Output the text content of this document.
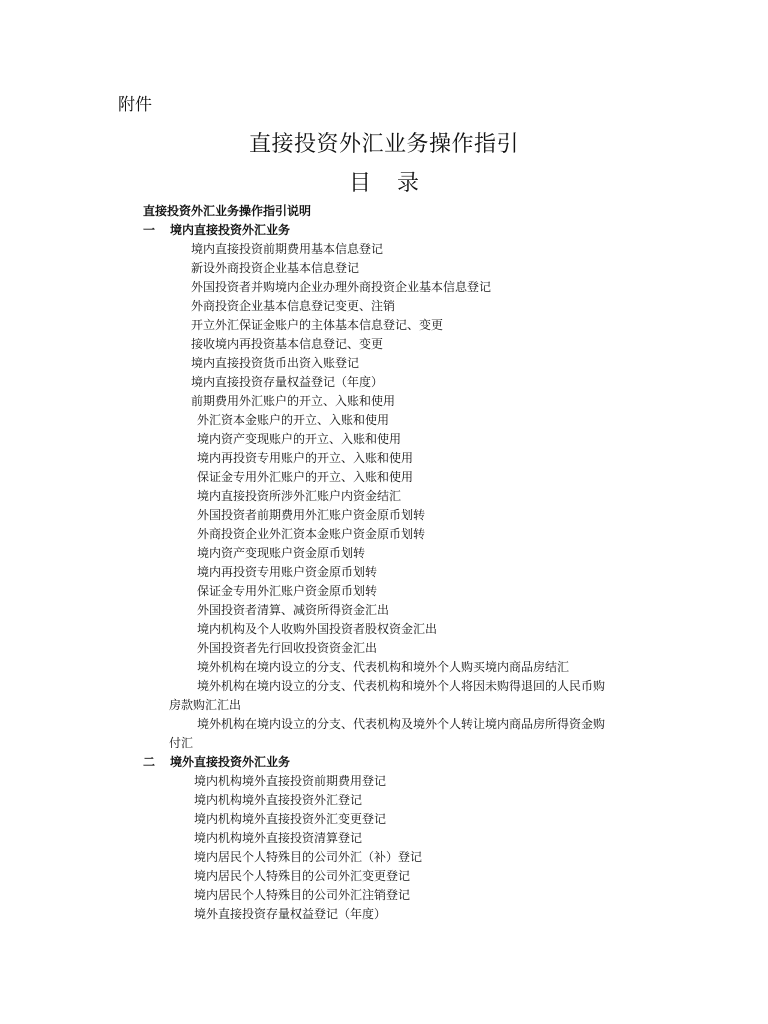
附件
直接投资外汇业务操作指引
目 录
直接投资外汇业务操作指引说明
一 境内直接投资外汇业务
境内直接投资前期费用基本信息登记
新设外商投资企业基本信息登记
外国投资者并购境内企业办理外商投资企业基本信息登记
外商投资企业基本信息登记变更、注销
开立外汇保证金账户的主体基本信息登记、变更
接收境内再投资基本信息登记、变更
境内直接投资货币出资入账登记
境内直接投资存量权益登记（年度）
前期费用外汇账户的开立、入账和使用
外汇资本金账户的开立、入账和使用
境内资产变现账户的开立、入账和使用
境内再投资专用账户的开立、入账和使用
保证金专用外汇账户的开立、入账和使用
境内直接投资所涉外汇账户内资金结汇
外国投资者前期费用外汇账户资金原币划转
外商投资企业外汇资本金账户资金原币划转
境内资产变现账户资金原币划转
境内再投资专用账户资金原币划转
保证金专用外汇账户资金原币划转
外国投资者清算、减资所得资金汇出
境内机构及个人收购外国投资者股权资金汇出
外国投资者先行回收投资资金汇出
境外机构在境内设立的分支、代表机构和境外个人购买境内商品房结汇
境外机构在境内设立的分支、代表机构和境外个人将因未购得退回的人民币购
房款购汇汇出
境外机构在境内设立的分支、代表机构及境外个人转让境内商品房所得资金购
付汇
二 境外直接投资外汇业务
境内机构境外直接投资前期费用登记
境内机构境外直接投资外汇登记
境内机构境外直接投资外汇变更登记
境内机构境外直接投资清算登记
境内居民个人特殊目的公司外汇（补）登记
境内居民个人特殊目的公司外汇变更登记
境内居民个人特殊目的公司外汇注销登记
境外直接投资存量权益登记（年度）
